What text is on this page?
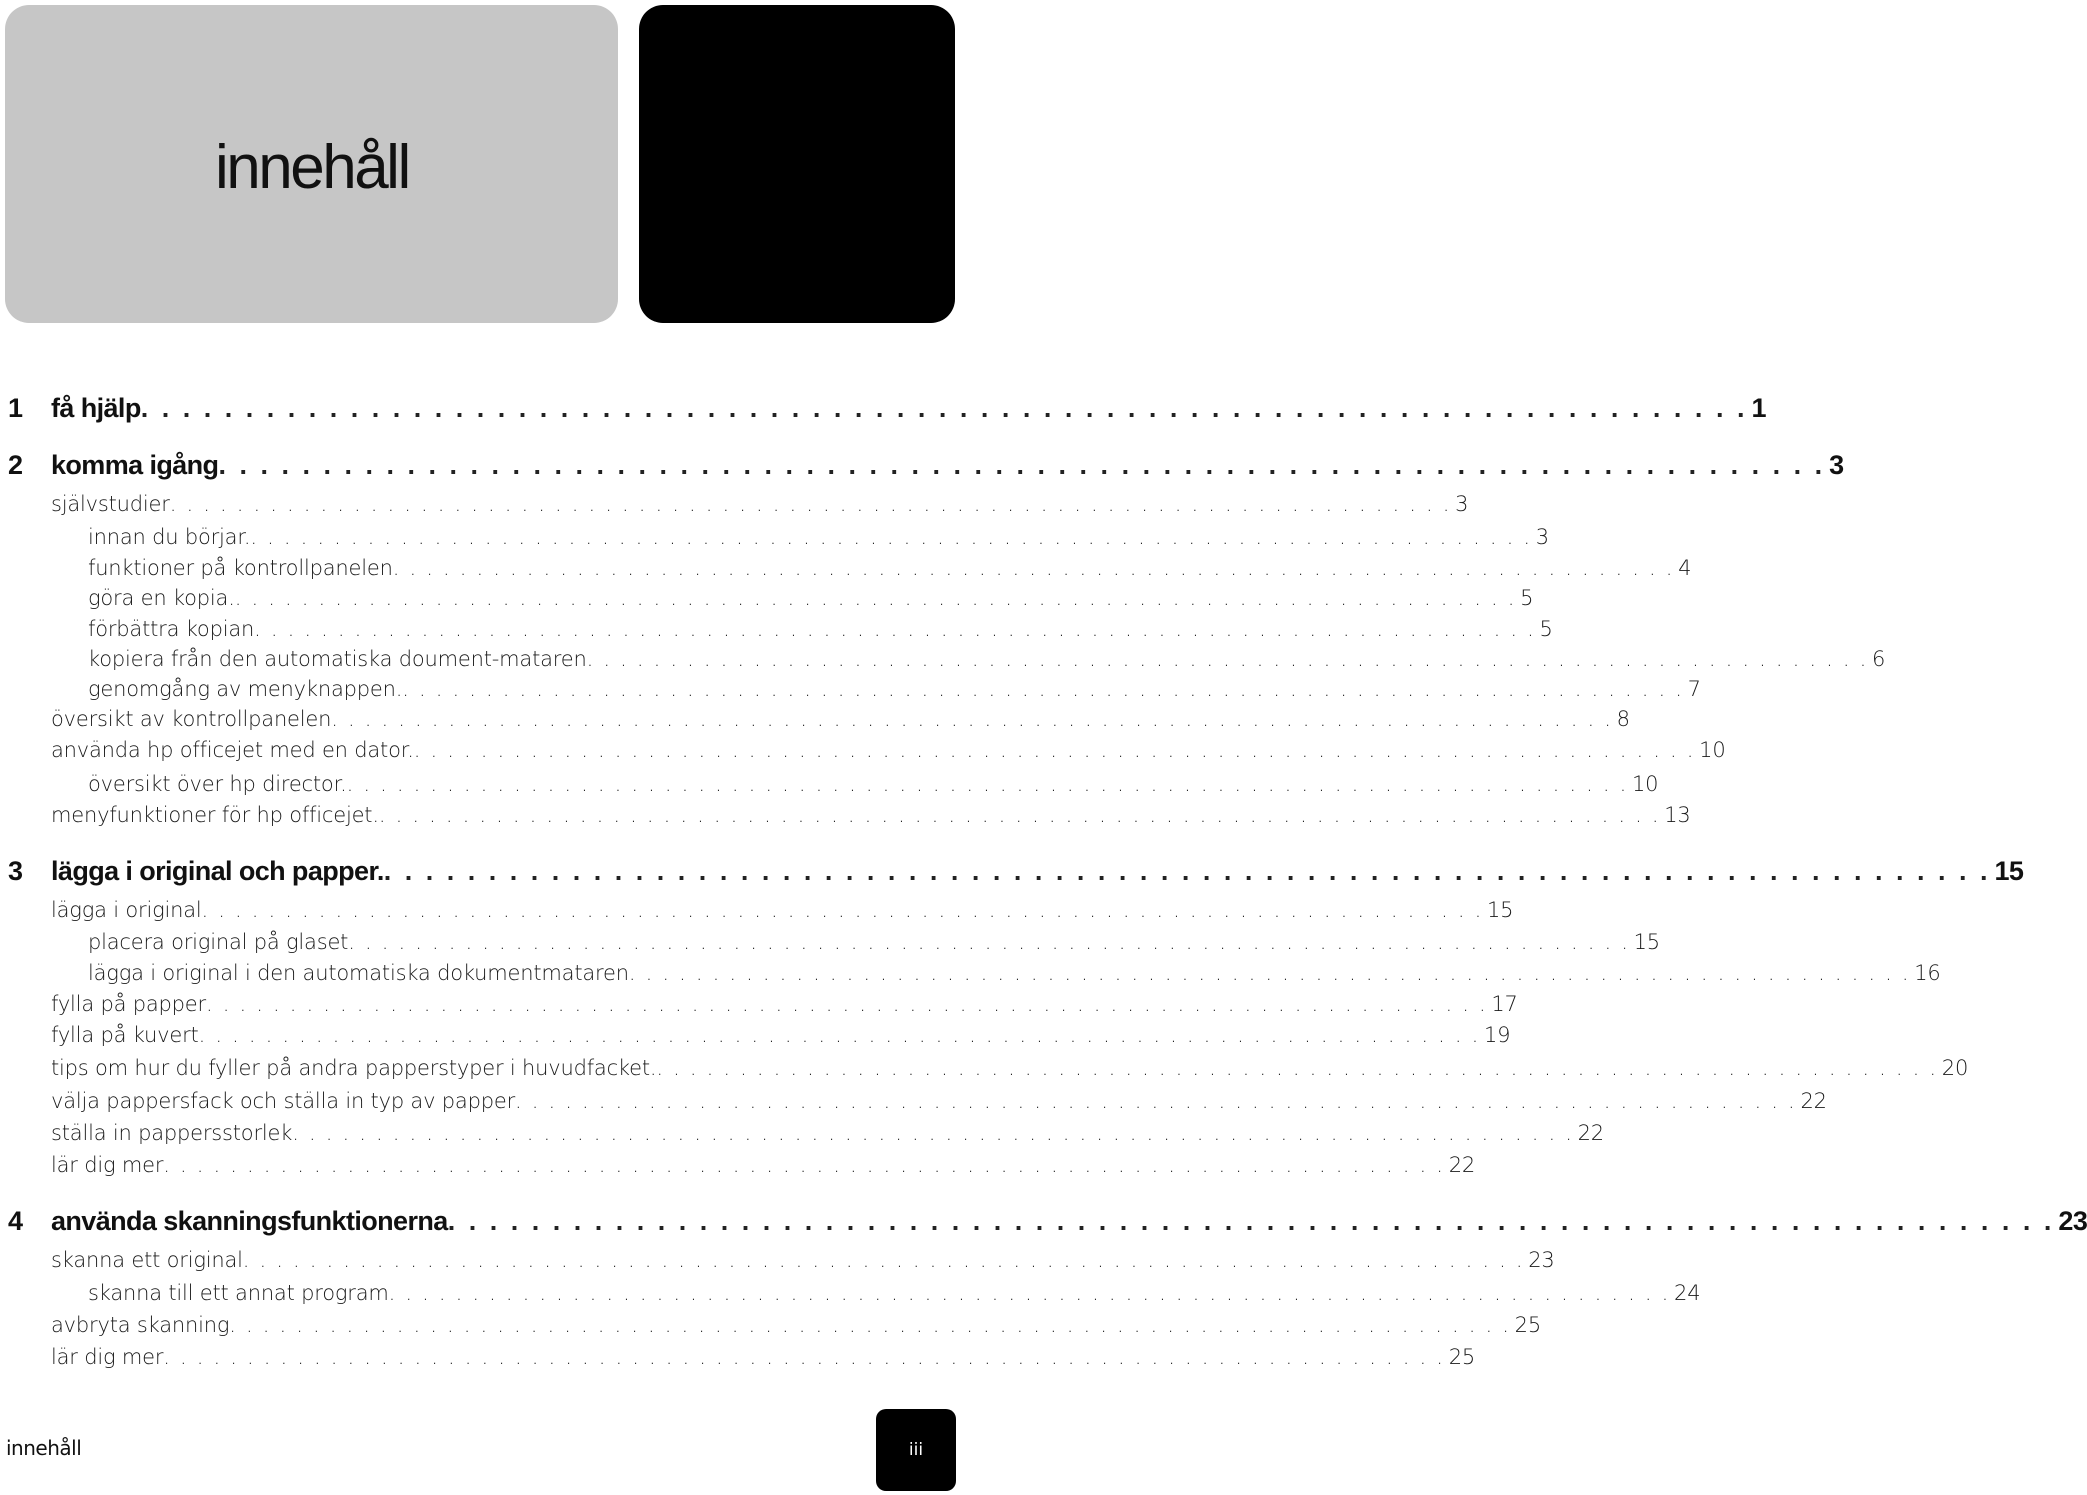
innehåll
1 få hjälp . . . . . . . . . . . . . . . . . . . . . . . . . . . . . . . . . . . . . . . . . . . . . . . . . . . . . . . . . . . . . . . . . . . . . . . . . . . . . 1
2 komma igång . . . . . . . . . . . . . . . . . . . . . . . . . . . . . . . . . . . . . . . . . . . . . . . . . . . . . . . . . . . . . . . . . . . . . . . . . . . . . 3
självstudier . . . . . . . . . . . . . . . . . . . . . . . . . . . . . . . . . . . . . . . . . . . . . . . . . . . . . . . . . . . . . . . . . . . . . . . . . . . . . 3
innan du börjar. . . . . . . . . . . . . . . . . . . . . . . . . . . . . . . . . . . . . . . . . . . . . . . . . . . . . . . . . . . . . . . . . . . . . . . . . . . . . . 3
funktioner på kontrollpanelen . . . . . . . . . . . . . . . . . . . . . . . . . . . . . . . . . . . . . . . . . . . . . . . . . . . . . . . . . . . . . . . . . . . . . . . . . . . . . 4
göra en kopia. . . . . . . . . . . . . . . . . . . . . . . . . . . . . . . . . . . . . . . . . . . . . . . . . . . . . . . . . . . . . . . . . . . . . . . . . . . . . . 5
förbättra kopian . . . . . . . . . . . . . . . . . . . . . . . . . . . . . . . . . . . . . . . . . . . . . . . . . . . . . . . . . . . . . . . . . . . . . . . . . . . . . 5
kopiera från den automatiska doument-mataren . . . . . . . . . . . . . . . . . . . . . . . . . . . . . . . . . . . . . . . . . . . . . . . . . . . . . . . . . . . . . . . . . . . . . . . . . . . . . 6
genomgång av menyknappen. . . . . . . . . . . . . . . . . . . . . . . . . . . . . . . . . . . . . . . . . . . . . . . . . . . . . . . . . . . . . . . . . . . . . . . . . . . . . . 7
översikt av kontrollpanelen . . . . . . . . . . . . . . . . . . . . . . . . . . . . . . . . . . . . . . . . . . . . . . . . . . . . . . . . . . . . . . . . . . . . . . . . . . . . . 8
använda hp officejet med en dator. . . . . . . . . . . . . . . . . . . . . . . . . . . . . . . . . . . . . . . . . . . . . . . . . . . . . . . . . . . . . . . . . . . . . . . . . . . . . . 10
översikt över hp director. . . . . . . . . . . . . . . . . . . . . . . . . . . . . . . . . . . . . . . . . . . . . . . . . . . . . . . . . . . . . . . . . . . . . . . . . . . . . . 10
menyfunktioner för hp officejet. . . . . . . . . . . . . . . . . . . . . . . . . . . . . . . . . . . . . . . . . . . . . . . . . . . . . . . . . . . . . . . . . . . . . . . . . . . . . . 13
3 lägga i original och papper. . . . . . . . . . . . . . . . . . . . . . . . . . . . . . . . . . . . . . . . . . . . . . . . . . . . . . . . . . . . . . . . . . . . . . . . . . . . . . 15
lägga i original . . . . . . . . . . . . . . . . . . . . . . . . . . . . . . . . . . . . . . . . . . . . . . . . . . . . . . . . . . . . . . . . . . . . . . . . . . . . . 15
placera original på glaset . . . . . . . . . . . . . . . . . . . . . . . . . . . . . . . . . . . . . . . . . . . . . . . . . . . . . . . . . . . . . . . . . . . . . . . . . . . . . 15
lägga i original i den automatiska dokumentmataren . . . . . . . . . . . . . . . . . . . . . . . . . . . . . . . . . . . . . . . . . . . . . . . . . . . . . . . . . . . . . . . . . . . . . . . . . . . . . 16
fylla på papper . . . . . . . . . . . . . . . . . . . . . . . . . . . . . . . . . . . . . . . . . . . . . . . . . . . . . . . . . . . . . . . . . . . . . . . . . . . . . 17
fylla på kuvert . . . . . . . . . . . . . . . . . . . . . . . . . . . . . . . . . . . . . . . . . . . . . . . . . . . . . . . . . . . . . . . . . . . . . . . . . . . . . 19
tips om hur du fyller på andra papperstyper i huvudfacket. . . . . . . . . . . . . . . . . . . . . . . . . . . . . . . . . . . . . . . . . . . . . . . . . . . . . . . . . . . . . . . . . . . . . . . . . . . . . . 20
välja pappersfack och ställa in typ av papper . . . . . . . . . . . . . . . . . . . . . . . . . . . . . . . . . . . . . . . . . . . . . . . . . . . . . . . . . . . . . . . . . . . . . . . . . . . . . 22
ställa in pappersstorlek . . . . . . . . . . . . . . . . . . . . . . . . . . . . . . . . . . . . . . . . . . . . . . . . . . . . . . . . . . . . . . . . . . . . . . . . . . . . . 22
lär dig mer . . . . . . . . . . . . . . . . . . . . . . . . . . . . . . . . . . . . . . . . . . . . . . . . . . . . . . . . . . . . . . . . . . . . . . . . . . . . . 22
4 använda skanningsfunktionerna . . . . . . . . . . . . . . . . . . . . . . . . . . . . . . . . . . . . . . . . . . . . . . . . . . . . . . . . . . . . . . . . . . . . . . . . . . . . . 23
skanna ett original . . . . . . . . . . . . . . . . . . . . . . . . . . . . . . . . . . . . . . . . . . . . . . . . . . . . . . . . . . . . . . . . . . . . . . . . . . . . . 23
skanna till ett annat program . . . . . . . . . . . . . . . . . . . . . . . . . . . . . . . . . . . . . . . . . . . . . . . . . . . . . . . . . . . . . . . . . . . . . . . . . . . . . 24
avbryta skanning . . . . . . . . . . . . . . . . . . . . . . . . . . . . . . . . . . . . . . . . . . . . . . . . . . . . . . . . . . . . . . . . . . . . . . . . . . . . . 25
lär dig mer . . . . . . . . . . . . . . . . . . . . . . . . . . . . . . . . . . . . . . . . . . . . . . . . . . . . . . . . . . . . . . . . . . . . . . . . . . . . . 25
innehåll	iii
